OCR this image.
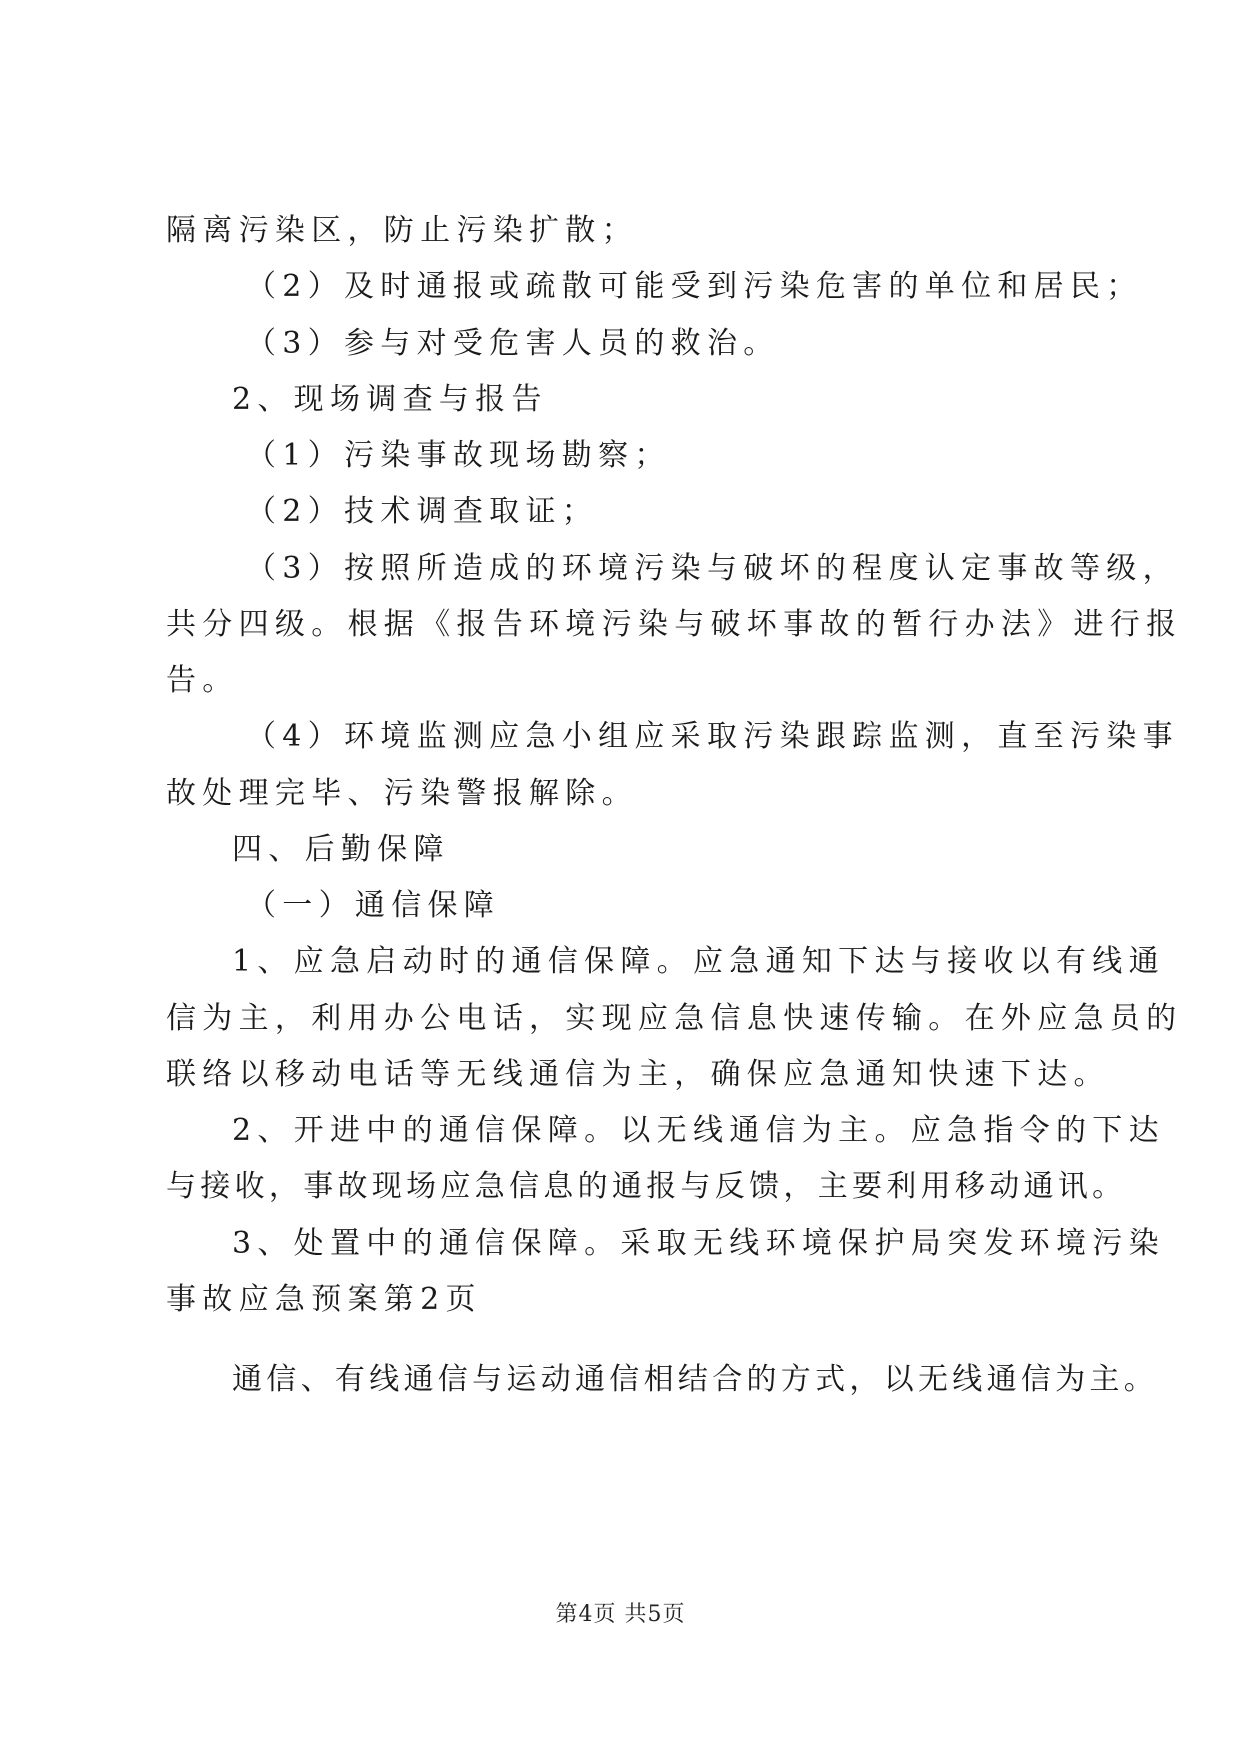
隔离污染区，防止污染扩散；
（2）及时通报或疏散可能受到污染危害的单位和居民；
（3）参与对受危害人员的救治。
2、现场调查与报告
（1）污染事故现场勘察；
（2）技术调查取证；
（3）按照所造成的环境污染与破坏的程度认定事故等级，
共分四级。根据《报告环境污染与破坏事故的暂行办法》进行报
告。
（4）环境监测应急小组应采取污染跟踪监测，直至污染事
故处理完毕、污染警报解除。
四、后勤保障
（一）通信保障
1、应急启动时的通信保障。应急通知下达与接收以有线通
信为主，利用办公电话，实现应急信息快速传输。在外应急员的
联络以移动电话等无线通信为主，确保应急通知快速下达。
2、开进中的通信保障。以无线通信为主。应急指令的下达
与接收，事故现场应急信息的通报与反馈，主要利用移动通讯。
3、处置中的通信保障。采取无线环境保护局突发环境污染
事故应急预案第2页
通信、有线通信与运动通信相结合的方式，以无线通信为主。
第4页 共5页
